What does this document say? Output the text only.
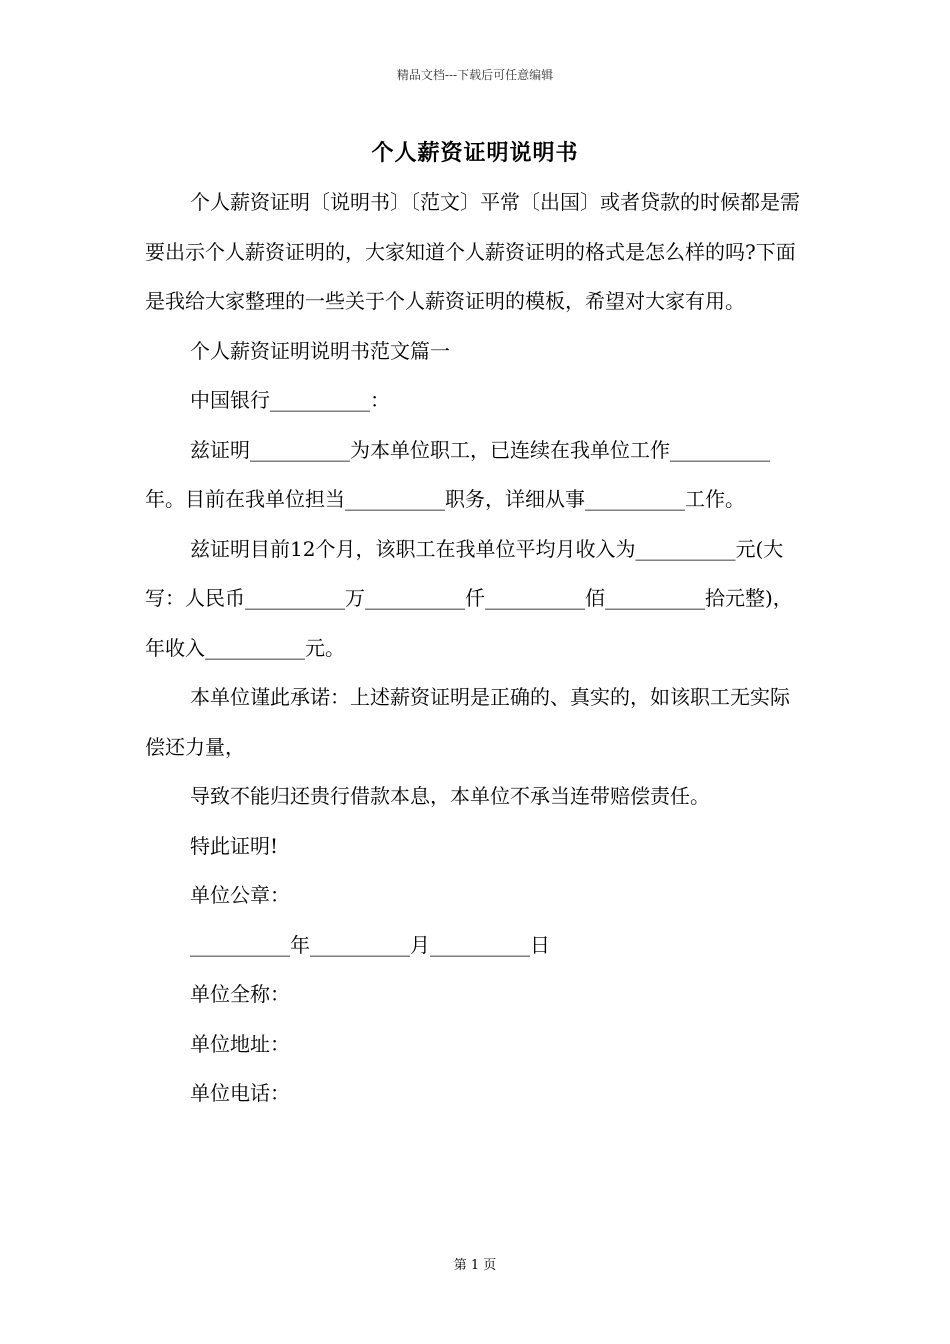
精品文档---下载后可任意编辑
个人薪资证明说明书

个人薪资证明〔说明书〕〔范文〕平常〔出国〕或者贷款的时候都是需要出示个人薪资证明的，大家知道个人薪资证明的格式是怎么样的吗?下面是我给大家整理的一些关于个人薪资证明的模板，希望对大家有用。

个人薪资证明说明书范文篇一

中国银行__________：

兹证明__________为本单位职工，已连续在我单位工作__________年。目前在我单位担当__________职务，详细从事__________工作。

兹证明目前12个月，该职工在我单位平均月收入为__________元(大写：人民币__________万__________仟__________佰__________拾元整)，年收入__________元。

本单位谨此承诺：上述薪资证明是正确的、真实的，如该职工无实际偿还力量，

导致不能归还贵行借款本息，本单位不承当连带赔偿责任。

特此证明!

单位公章：

__________年__________月__________日

单位全称：

单位地址：

单位电话：

第 1 页
